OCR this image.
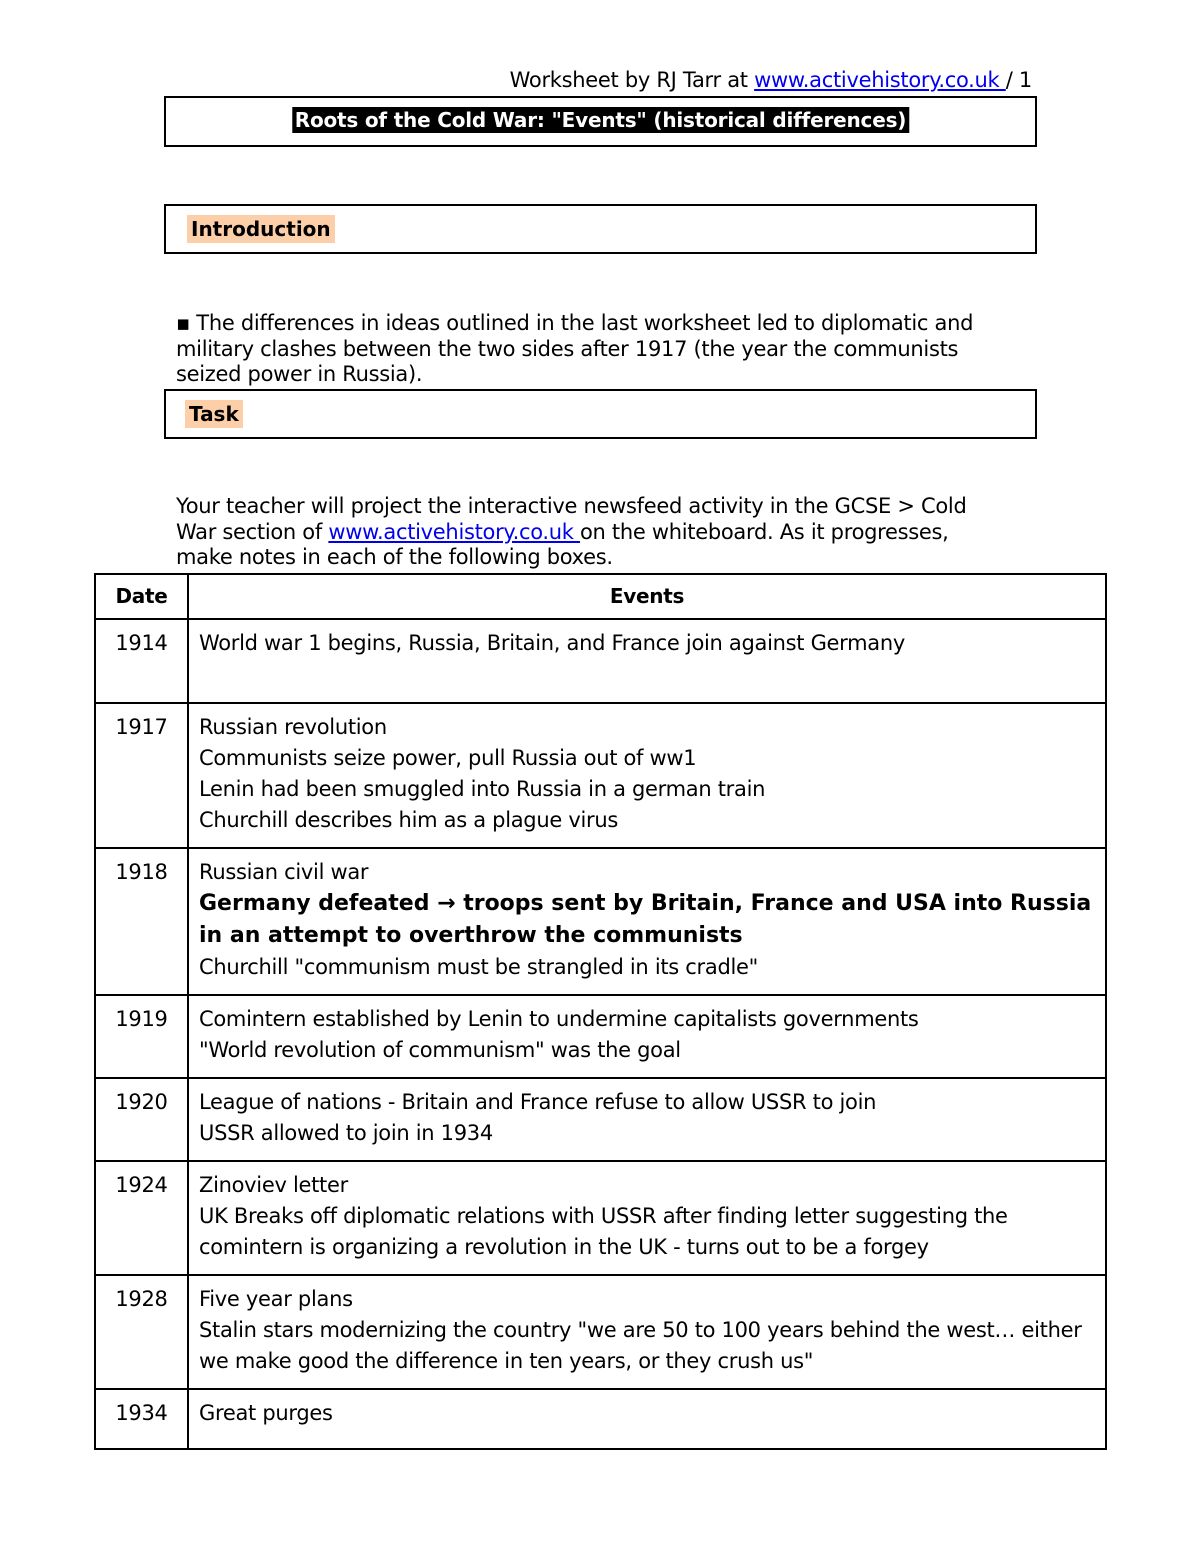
Worksheet by RJ Tarr at www.activehistory.co.uk / 1
Roots of the Cold War: "Events" (historical differences)
Introduction
▪ The differences in ideas outlined in the last worksheet led to diplomatic and military clashes between the two sides after 1917 (the year the communists seized power in Russia).
Task
Your teacher will project the interactive newsfeed activity in the GCSE > Cold War section of www.activehistory.co.uk on the whiteboard. As it progresses, make notes in each of the following boxes.
Date	Events
1914	World war 1 begins, Russia, Britain, and France join against Germany

1917	Russian revolution
Communists seize power, pull Russia out of ww1
Lenin had been smuggled into Russia in a german train
Churchill describes him as a plague virus

1918	Russian civil war
Germany defeated → troops sent by Britain, France and USA into Russia in an attempt to overthrow the communists
Churchill "communism must be strangled in its cradle"

1919	Comintern established by Lenin to undermine capitalists governments
"World revolution of communism" was the goal

1920	League of nations - Britain and France refuse to allow USSR to join
USSR allowed to join in 1934

1924	Zinoviev letter
UK Breaks off diplomatic relations with USSR after finding letter suggesting the comintern is organizing a revolution in the UK - turns out to be a forgey

1928	Five year plans
Stalin stars modernizing the country "we are 50 to 100 years behind the west… either we make good the difference in ten years, or they crush us"

1934	Great purges
